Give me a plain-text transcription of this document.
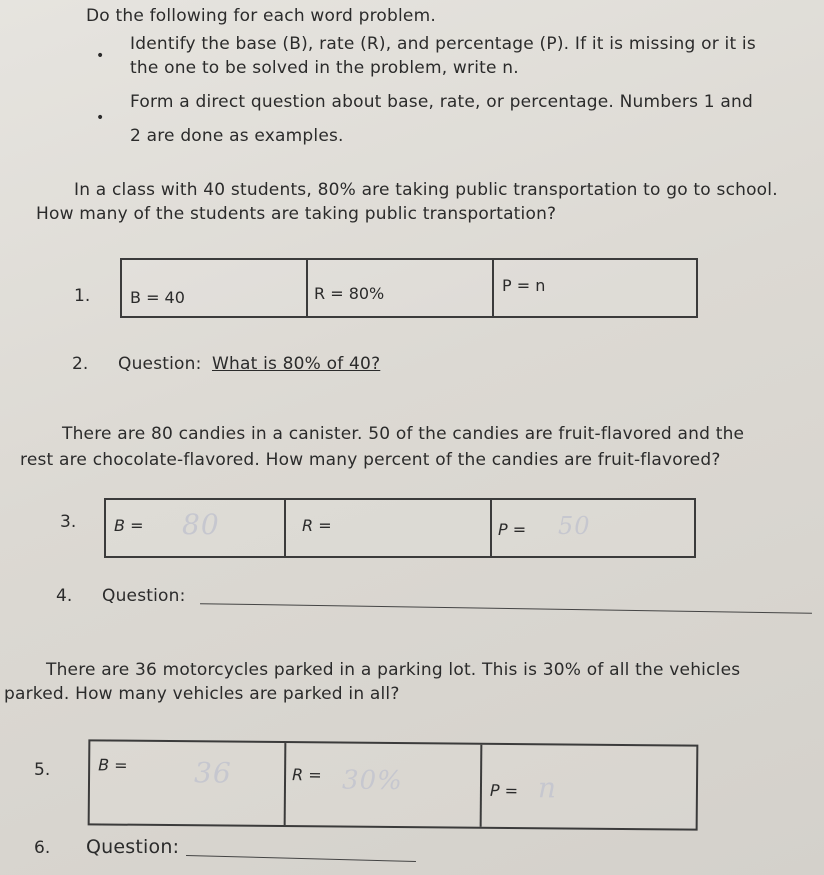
Do the following for each word problem.
•
Identify the base (B), rate (R), and percentage (P). If it is missing or it is
the one to be solved in the problem, write n.
•
Form a direct question about base, rate, or percentage. Numbers 1 and
2 are done as examples.
In a class with 40 students, 80% are taking public transportation to go to school.
How many of the students are taking public transportation?
1. B = 40	R = 80%	P = n
2. Question: What is 80% of 40?
There are 80 candies in a canister. 50 of the candies are fruit-flavored and the
rest are chocolate-flavored. How many percent of the candies are fruit-flavored?
3. B = 80	R =	P = 50
4. Question:
There are 36 motorcycles parked in a parking lot. This is 30% of all the vehicles
parked. How many vehicles are parked in all?
5.	B = 36	R = 30%	P = n
6. Question:
